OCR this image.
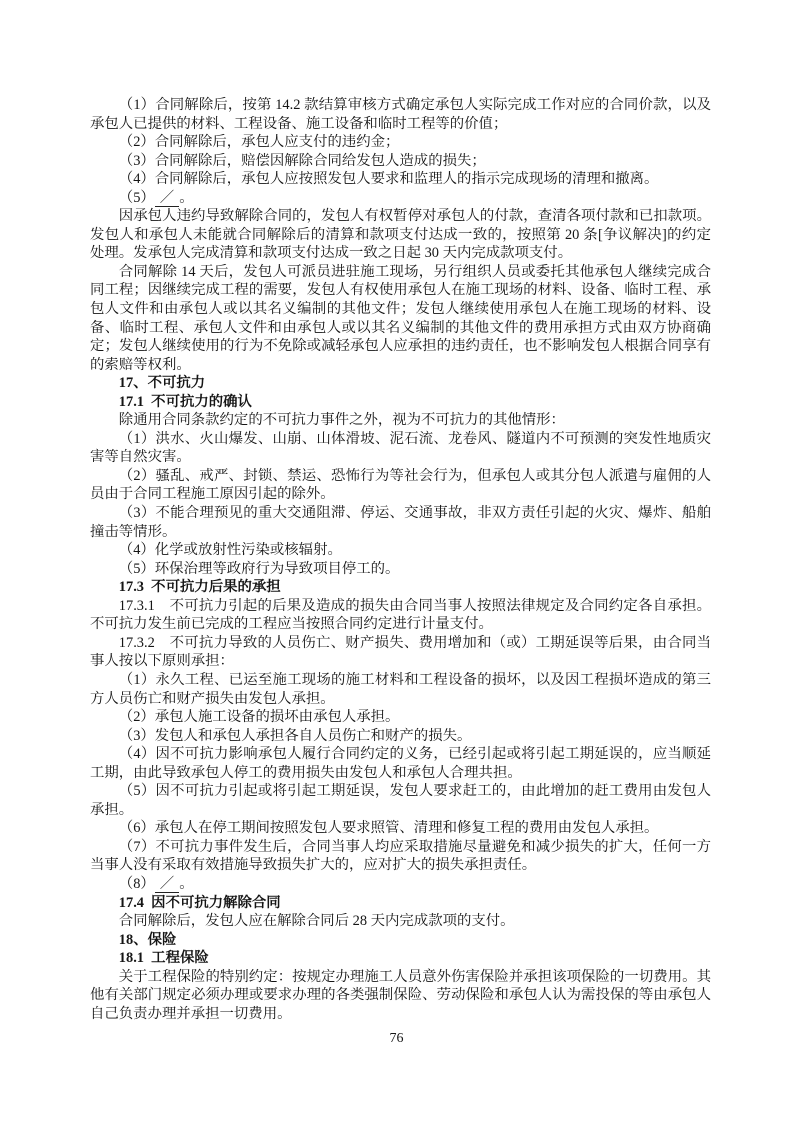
（1）合同解除后，按第 14.2 款结算审核方式确定承包人实际完成工作对应的合同价款，以及承包人已提供的材料、工程设备、施工设备和临时工程等的价值；

（2）合同解除后，承包人应支付的违约金；

（3）合同解除后，赔偿因解除合同给发包人造成的损失；

（4）合同解除后，承包人应按照发包人要求和监理人的指示完成现场的清理和撤离。

（5） ／ 。

因承包人违约导致解除合同的，发包人有权暂停对承包人的付款，查清各项付款和已扣款项。发包人和承包人未能就合同解除后的清算和款项支付达成一致的，按照第 20 条[争议解决]的约定处理。发承包人完成清算和款项支付达成一致之日起 30 天内完成款项支付。

合同解除 14 天后，发包人可派员进驻施工现场，另行组织人员或委托其他承包人继续完成合同工程；因继续完成工程的需要，发包人有权使用承包人在施工现场的材料、设备、临时工程、承包人文件和由承包人或以其名义编制的其他文件；发包人继续使用承包人在施工现场的材料、设备、临时工程、承包人文件和由承包人或以其名义编制的其他文件的费用承担方式由双方协商确定；发包人继续使用的行为不免除或减轻承包人应承担的违约责任，也不影响发包人根据合同享有的索赔等权利。

17、不可抗力

17.1 不可抗力的确认

除通用合同条款约定的不可抗力事件之外，视为不可抗力的其他情形：

（1）洪水、火山爆发、山崩、山体滑坡、泥石流、龙卷风、隧道内不可预测的突发性地质灾害等自然灾害。

（2）骚乱、戒严、封锁、禁运、恐怖行为等社会行为，但承包人或其分包人派遣与雇佣的人员由于合同工程施工原因引起的除外。

（3）不能合理预见的重大交通阻滞、停运、交通事故，非双方责任引起的火灾、爆炸、船舶撞击等情形。

（4）化学或放射性污染或核辐射。

（5）环保治理等政府行为导致项目停工的。

17.3 不可抗力后果的承担

17.3.1　不可抗力引起的后果及造成的损失由合同当事人按照法律规定及合同约定各自承担。不可抗力发生前已完成的工程应当按照合同约定进行计量支付。

17.3.2　不可抗力导致的人员伤亡、财产损失、费用增加和（或）工期延误等后果，由合同当事人按以下原则承担：

（1）永久工程、已运至施工现场的施工材料和工程设备的损坏，以及因工程损坏造成的第三方人员伤亡和财产损失由发包人承担。

（2）承包人施工设备的损坏由承包人承担。

（3）发包人和承包人承担各自人员伤亡和财产的损失。

（4）因不可抗力影响承包人履行合同约定的义务，已经引起或将引起工期延误的，应当顺延工期，由此导致承包人停工的费用损失由发包人和承包人合理共担。

（5）因不可抗力引起或将引起工期延误，发包人要求赶工的，由此增加的赶工费用由发包人承担。

（6）承包人在停工期间按照发包人要求照管、清理和修复工程的费用由发包人承担。

（7）不可抗力事件发生后，合同当事人均应采取措施尽量避免和减少损失的扩大，任何一方当事人没有采取有效措施导致损失扩大的，应对扩大的损失承担责任。

（8） ／ 。

17.4 因不可抗力解除合同

合同解除后，发包人应在解除合同后 28 天内完成款项的支付。

18、保险

18.1 工程保险

关于工程保险的特别约定：按规定办理施工人员意外伤害保险并承担该项保险的一切费用。其他有关部门规定必须办理或要求办理的各类强制保险、劳动保险和承包人认为需投保的等由承包人自己负责办理并承担一切费用。

76
